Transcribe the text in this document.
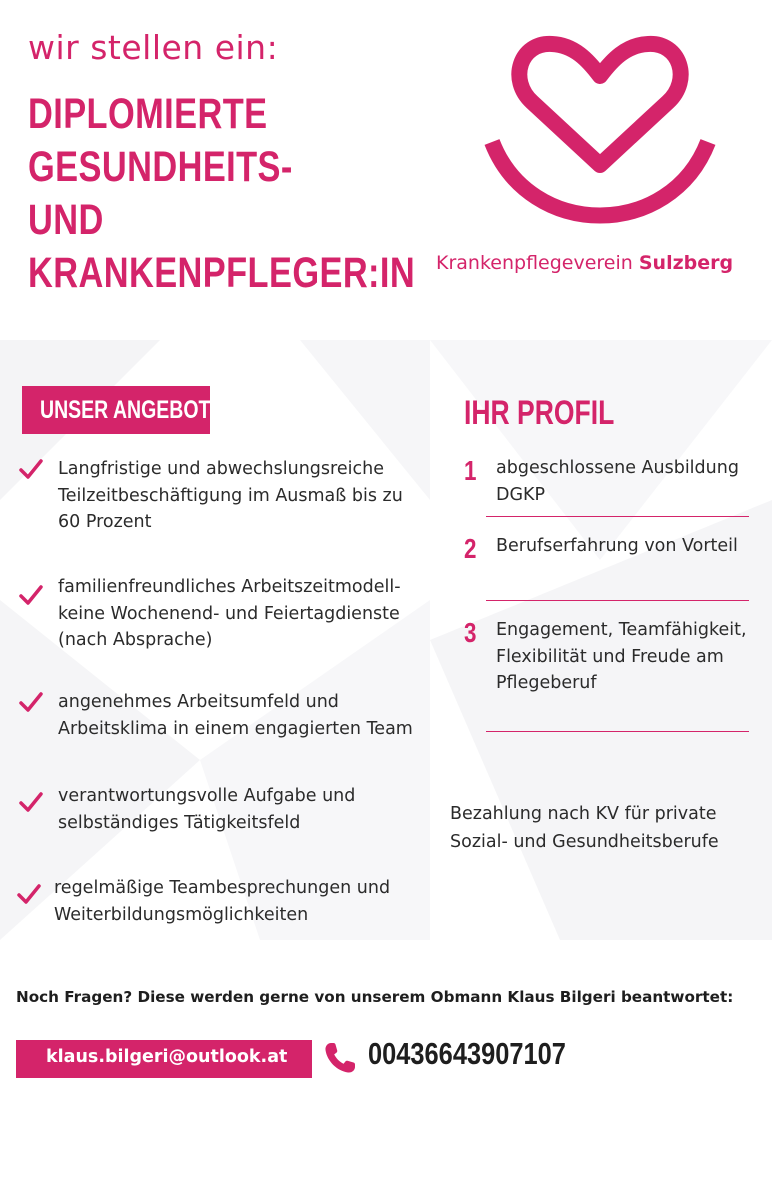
wir stellen ein:
DIPLOMIERTE
GESUNDHEITS- UND
KRANKENPFLEGER:IN Krankenpflegeverein Sulzberg
UNSER ANGEBOT
Langfristige und abwechslungsreiche Teilzeitbeschäftigung im Ausmaß bis zu 60 Prozent
familienfreundliches Arbeitszeitmodell- keine Wochenend- und Feiertagdienste (nach Absprache)
angenehmes Arbeitsumfeld und Arbeitsklima in einem engagierten Team
verantwortungsvolle Aufgabe und selbständiges Tätigkeitsfeld
regelmäßige Teambesprechungen und Weiterbildungsmöglichkeiten
IHR PROFIL
1 abgeschlossene Ausbildung DGKP
2 Berufserfahrung von Vorteil
3 Engagement, Teamfähigkeit, Flexibilität und Freude am Pflegeberuf
Bezahlung nach KV für private Sozial- und Gesundheitsberufe
Noch Fragen? Diese werden gerne von unserem Obmann Klaus Bilgeri beantwortet:
klaus.bilgeri@outlook.at	00436643907107
